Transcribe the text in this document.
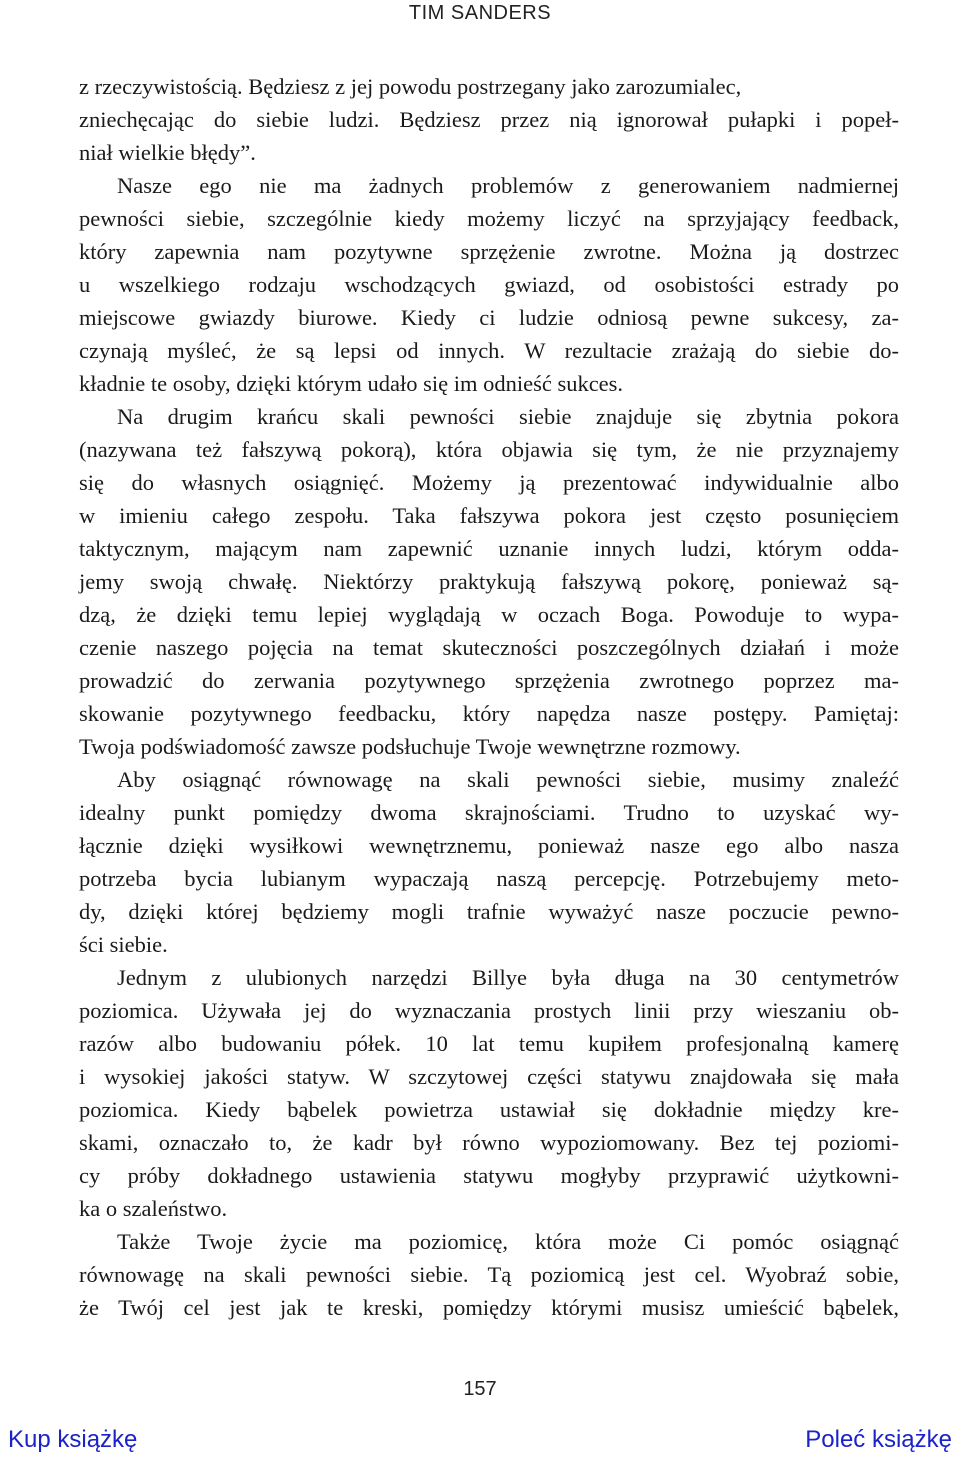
TIM SANDERS
z rzeczywistością. Będziesz z jej powodu postrzegany jako zarozumialec,
zniechęcając do siebie ludzi. Będziesz przez nią ignorował pułapki i popeł-
niał wielkie błędy”.
Nasze ego nie ma żadnych problemów z generowaniem nadmiernej
pewności siebie, szczególnie kiedy możemy liczyć na sprzyjający feedback,
który zapewnia nam pozytywne sprzężenie zwrotne. Można ją dostrzec
u wszelkiego rodzaju wschodzących gwiazd, od osobistości estrady po
miejscowe gwiazdy biurowe. Kiedy ci ludzie odniosą pewne sukcesy, za-
czynają myśleć, że są lepsi od innych. W rezultacie zrażają do siebie do-
kładnie te osoby, dzięki którym udało się im odnieść sukces.
Na drugim krańcu skali pewności siebie znajduje się zbytnia pokora
(nazywana też fałszywą pokorą), która objawia się tym, że nie przyznajemy
się do własnych osiągnięć. Możemy ją prezentować indywidualnie albo
w imieniu całego zespołu. Taka fałszywa pokora jest często posunięciem
taktycznym, mającym nam zapewnić uznanie innych ludzi, którym odda-
jemy swoją chwałę. Niektórzy praktykują fałszywą pokorę, ponieważ są-
dzą, że dzięki temu lepiej wyglądają w oczach Boga. Powoduje to wypa-
czenie naszego pojęcia na temat skuteczności poszczególnych działań i może
prowadzić do zerwania pozytywnego sprzężenia zwrotnego poprzez ma-
skowanie pozytywnego feedbacku, który napędza nasze postępy. Pamiętaj:
Twoja podświadomość zawsze podsłuchuje Twoje wewnętrzne rozmowy.
Aby osiągnąć równowagę na skali pewności siebie, musimy znaleźć
idealny punkt pomiędzy dwoma skrajnościami. Trudno to uzyskać wy-
łącznie dzięki wysiłkowi wewnętrznemu, ponieważ nasze ego albo nasza
potrzeba bycia lubianym wypaczają naszą percepcję. Potrzebujemy meto-
dy, dzięki której będziemy mogli trafnie wyważyć nasze poczucie pewno-
ści siebie.
Jednym z ulubionych narzędzi Billye była długa na 30 centymetrów
poziomica. Używała jej do wyznaczania prostych linii przy wieszaniu ob-
razów albo budowaniu półek. 10 lat temu kupiłem profesjonalną kamerę
i wysokiej jakości statyw. W szczytowej części statywu znajdowała się mała
poziomica. Kiedy bąbelek powietrza ustawiał się dokładnie między kre-
skami, oznaczało to, że kadr był równo wypoziomowany. Bez tej poziomi-
cy próby dokładnego ustawienia statywu mogłyby przyprawić użytkowni-
ka o szaleństwo.
Także Twoje życie ma poziomicę, która może Ci pomóc osiągnąć
równowagę na skali pewności siebie. Tą poziomicą jest cel. Wyobraź sobie,
że Twój cel jest jak te kreski, pomiędzy którymi musisz umieścić bąbelek,
157
Kup książkę	Poleć książkę
